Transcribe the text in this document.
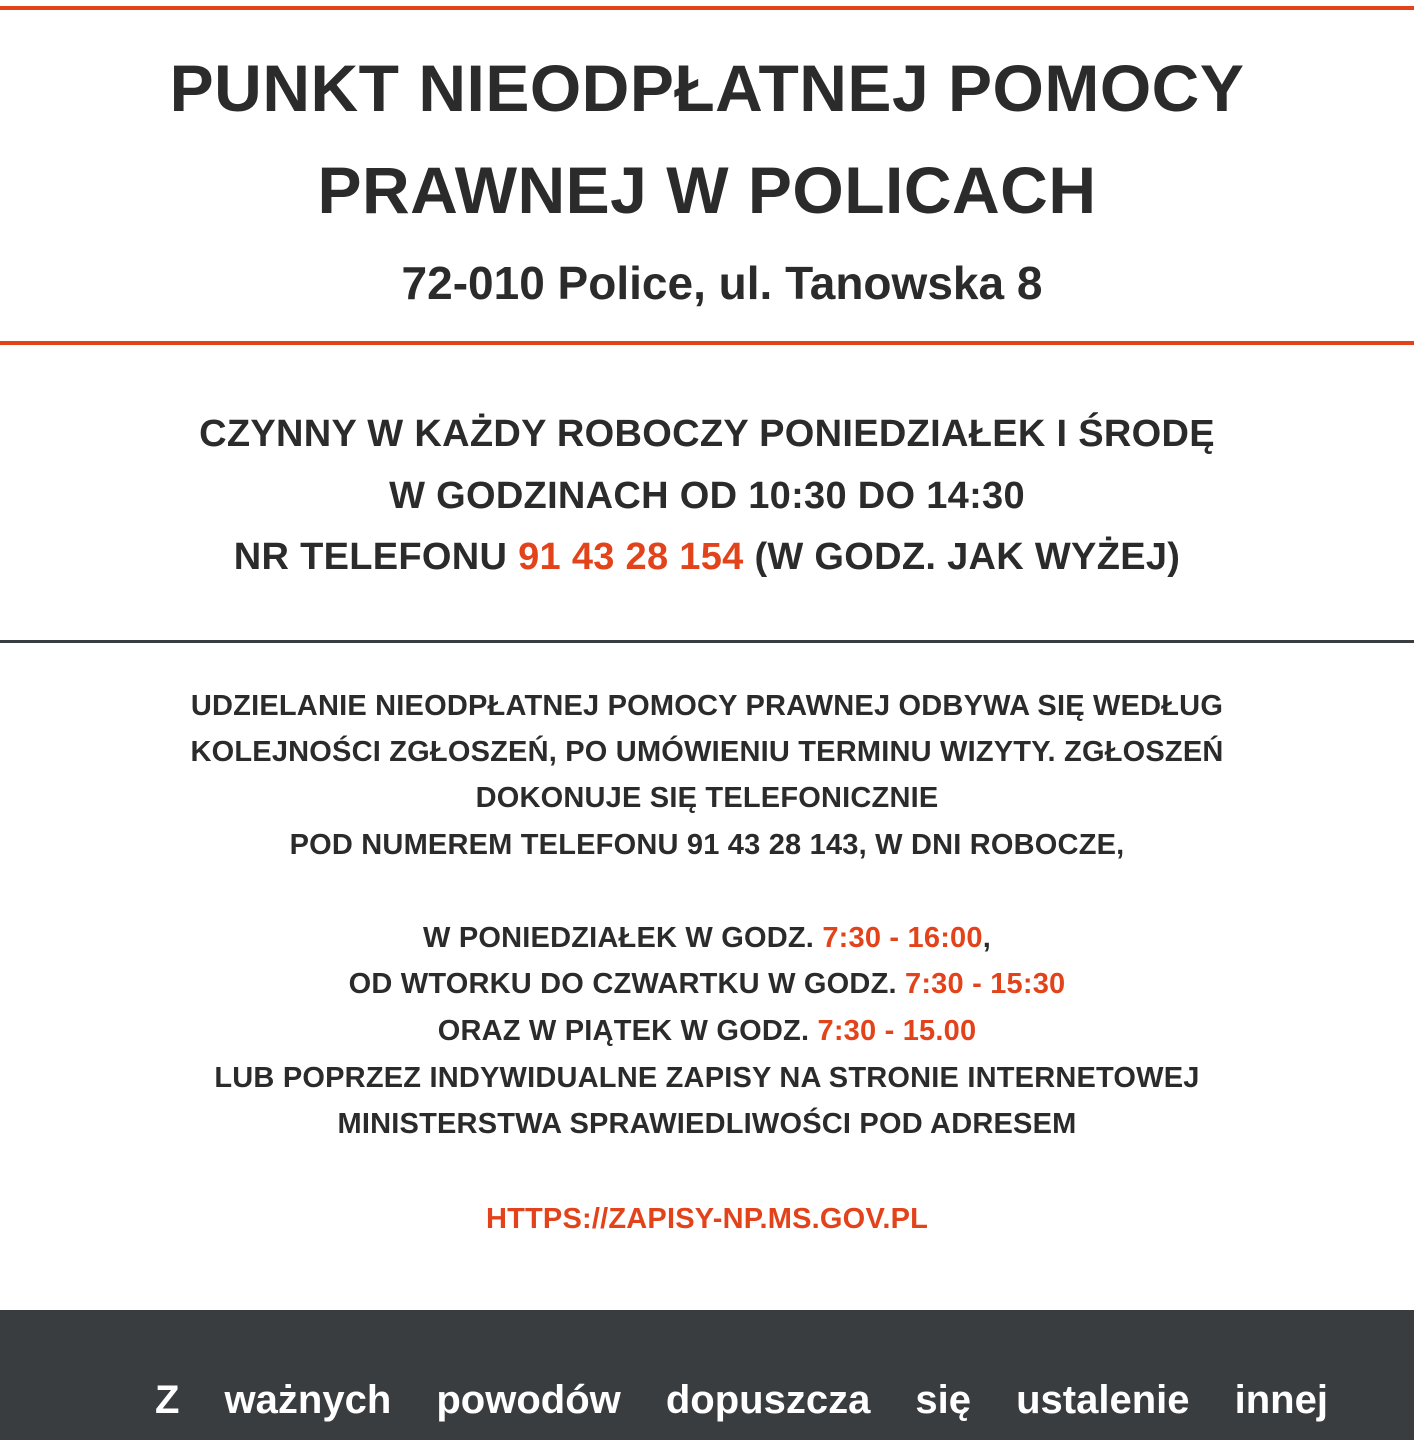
PUNKT NIEODPŁATNEJ POMOCY
PRAWNEJ W POLICACH
72-010 Police, ul. Tanowska 8
CZYNNY W KAŻDY ROBOCZY PONIEDZIAŁEK I ŚRODĘ
W GODZINACH OD 10:30 DO 14:30
NR TELEFONU 91 43 28 154 (W GODZ. JAK WYŻEJ)
UDZIELANIE NIEODPŁATNEJ POMOCY PRAWNEJ ODBYWA SIĘ WEDŁUG
KOLEJNOŚCI ZGŁOSZEŃ, PO UMÓWIENIU TERMINU WIZYTY. ZGŁOSZEŃ
DOKONUJE SIĘ TELEFONICZNIE
POD NUMEREM TELEFONU 91 43 28 143, W DNI ROBOCZE,
W PONIEDZIAŁEK W GODZ. 7:30 - 16:00,
OD WTORKU DO CZWARTKU W GODZ. 7:30 - 15:30
ORAZ W PIĄTEK W GODZ. 7:30 - 15.00
LUB POPRZEZ INDYWIDUALNE ZAPISY NA STRONIE INTERNETOWEJ
MINISTERSTWA SPRAWIEDLIWOŚCI POD ADRESEM
HTTPS://ZAPISY-NP.MS.GOV.PL
Z ważnych powodów dopuszcza się ustalenie innej
